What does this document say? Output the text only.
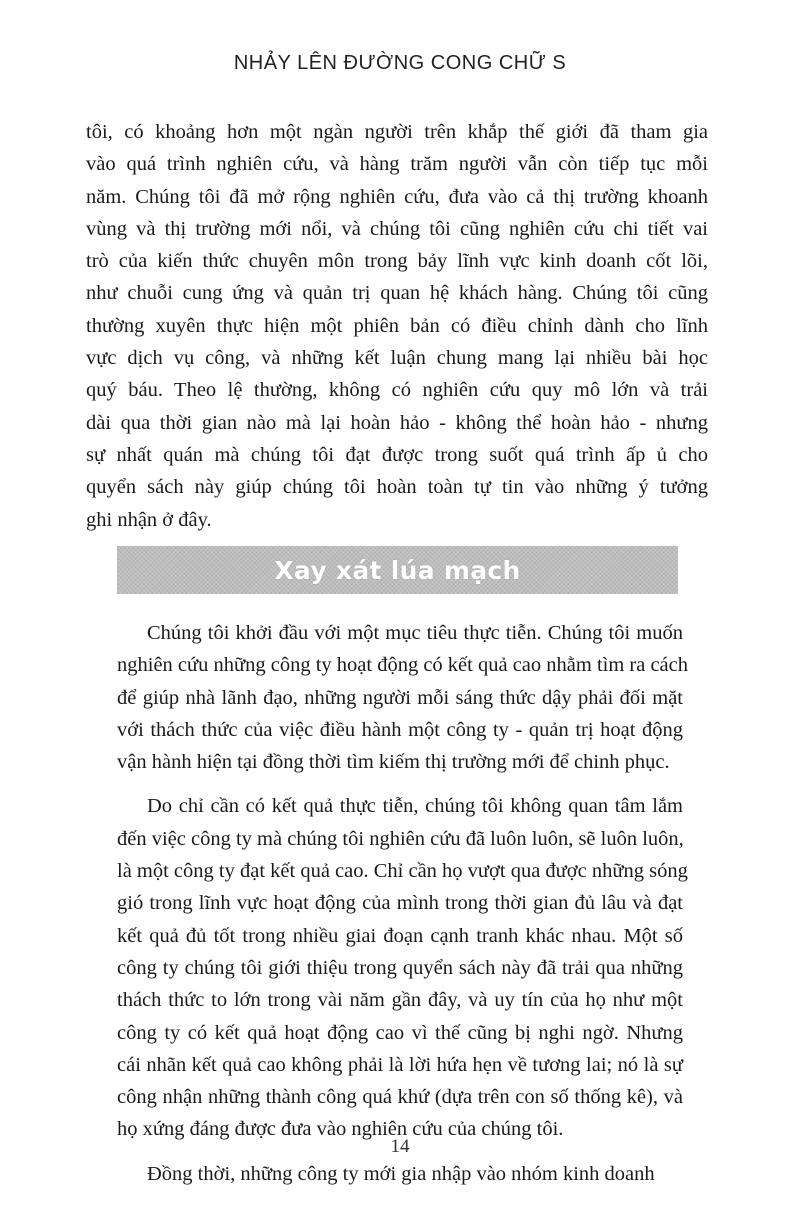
NHẢY LÊN ĐƯỜNG CONG CHỮ S

tôi, có khoảng hơn một ngàn người trên khắp thế giới đã tham gia
vào quá trình nghiên cứu, và hàng trăm người vẫn còn tiếp tục mỗi
năm. Chúng tôi đã mở rộng nghiên cứu, đưa vào cả thị trường khoanh
vùng và thị trường mới nổi, và chúng tôi cũng nghiên cứu chi tiết vai
trò của kiến thức chuyên môn trong bảy lĩnh vực kinh doanh cốt lõi,
như chuỗi cung ứng và quản trị quan hệ khách hàng. Chúng tôi cũng
thường xuyên thực hiện một phiên bản có điều chỉnh dành cho lĩnh
vực dịch vụ công, và những kết luận chung mang lại nhiều bài học
quý báu. Theo lệ thường, không có nghiên cứu quy mô lớn và trải
dài qua thời gian nào mà lại hoàn hảo - không thể hoàn hảo - nhưng
sự nhất quán mà chúng tôi đạt được trong suốt quá trình ấp ủ cho
quyển sách này giúp chúng tôi hoàn toàn tự tin vào những ý tưởng
ghi nhận ở đây.

Xay xát lúa mạch

Chúng tôi khởi đầu với một mục tiêu thực tiễn. Chúng tôi muốn
nghiên cứu những công ty hoạt động có kết quả cao nhằm tìm ra cách
để giúp nhà lãnh đạo, những người mỗi sáng thức dậy phải đối mặt
với thách thức của việc điều hành một công ty - quản trị hoạt động
vận hành hiện tại đồng thời tìm kiếm thị trường mới để chinh phục.

Do chỉ cần có kết quả thực tiễn, chúng tôi không quan tâm lắm
đến việc công ty mà chúng tôi nghiên cứu đã luôn luôn, sẽ luôn luôn,
là một công ty đạt kết quả cao. Chỉ cần họ vượt qua được những sóng
gió trong lĩnh vực hoạt động của mình trong thời gian đủ lâu và đạt
kết quả đủ tốt trong nhiều giai đoạn cạnh tranh khác nhau. Một số
công ty chúng tôi giới thiệu trong quyển sách này đã trải qua những
thách thức to lớn trong vài năm gần đây, và uy tín của họ như một
công ty có kết quả hoạt động cao vì thế cũng bị nghi ngờ. Nhưng
cái nhãn kết quả cao không phải là lời hứa hẹn về tương lai; nó là sự
công nhận những thành công quá khứ (dựa trên con số thống kê), và
họ xứng đáng được đưa vào nghiên cứu của chúng tôi.

Đồng thời, những công ty mới gia nhập vào nhóm kinh doanh

14
